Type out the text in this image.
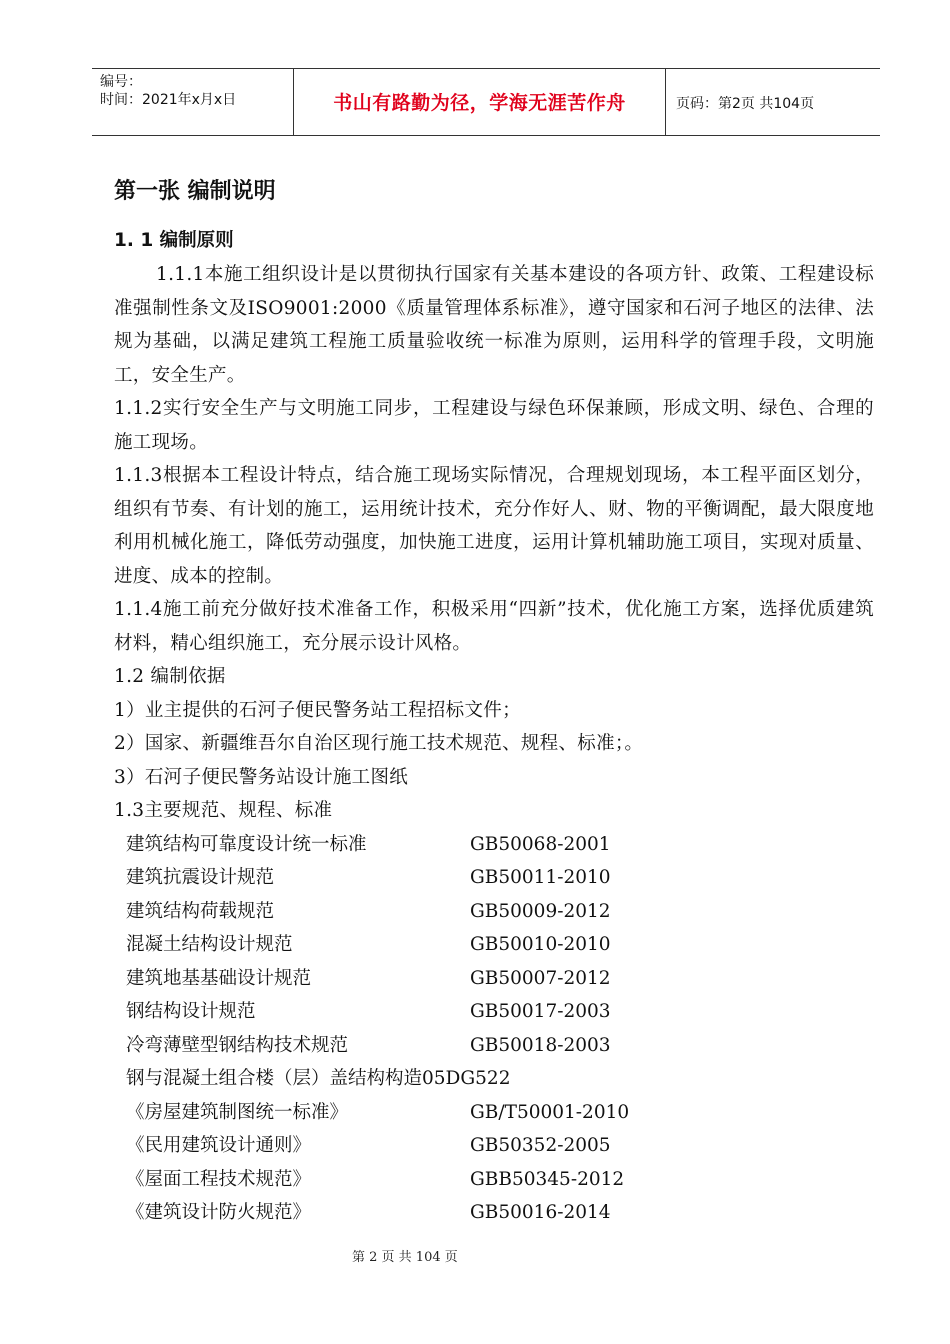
编号：
时间：2021年x月x日	书山有路勤为径，学海无涯苦作舟	页码：第2页 共104页
第一张 编制说明
1. 1 编制原则

1.1.1本施工组织设计是以贯彻执行国家有关基本建设的各项方针、政策、工程建设标准强制性条文及ISO9001:2000《质量管理体系标准》，遵守国家和石河子地区的法律、法规为基础，以满足建筑工程施工质量验收统一标准为原则，运用科学的管理手段，文明施工，安全生产。

1.1.2实行安全生产与文明施工同步，工程建设与绿色环保兼顾，形成文明、绿色、合理的施工现场。

1.1.3根据本工程设计特点，结合施工现场实际情况，合理规划现场，本工程平面区划分，组织有节奏、有计划的施工，运用统计技术，充分作好人、财、物的平衡调配，最大限度地利用机械化施工，降低劳动强度，加快施工进度，运用计算机辅助施工项目，实现对质量、进度、成本的控制。

1.1.4施工前充分做好技术准备工作，积极采用“四新”技术，优化施工方案，选择优质建筑材料，精心组织施工，充分展示设计风格。

1.2 编制依据

1）业主提供的石河子便民警务站工程招标文件；

2）国家、新疆维吾尔自治区现行施工技术规范、规程、标准；。

3）石河子便民警务站设计施工图纸

1.3主要规范、规程、标准

建筑结构可靠度设计统一标准	GB50068-2001
建筑抗震设计规范	GB50011-2010
建筑结构荷载规范	GB50009-2012
混凝土结构设计规范	GB50010-2010
建筑地基基础设计规范	GB50007-2012
钢结构设计规范	GB50017-2003
冷弯薄壁型钢结构技术规范	GB50018-2003
钢与混凝土组合楼（层）盖结构构造05DG522
《房屋建筑制图统一标准》	GB/T50001-2010
《民用建筑设计通则》	GB50352-2005
《屋面工程技术规范》	GBB50345-2012
《建筑设计防火规范》	GB50016-2014
第 2 页 共 104 页
